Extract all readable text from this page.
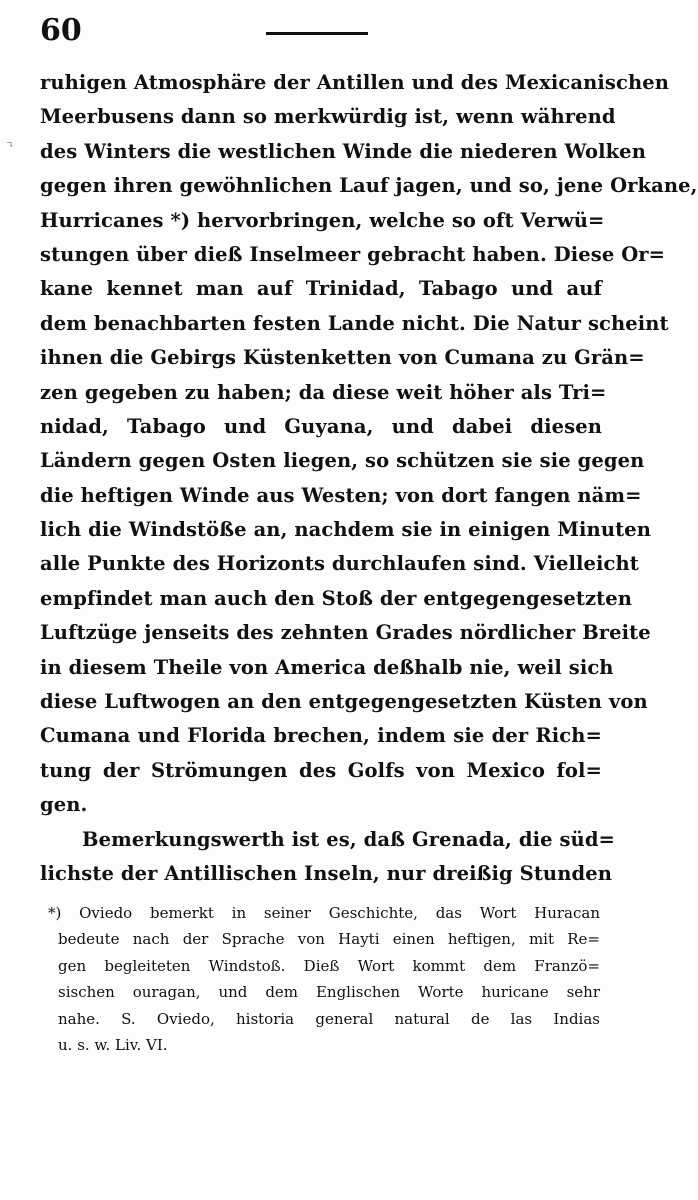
↴
60
ruhigen Atmosphäre der Antillen und des Mexicanischen
Meerbusens dann so merkwürdig ist, wenn während
des Winters die westlichen Winde die niederen Wolken
gegen ihren gewöhnlichen Lauf jagen, und so, jene Orkane,
Hurricanes *) hervorbringen, welche so oft Verwü=
stungen über dieß Inselmeer gebracht haben. Diese Or=
kane kennet man auf Trinidad, Tabago und auf
dem benachbarten festen Lande nicht. Die Natur scheint
ihnen die Gebirgs Küstenketten von Cumana zu Grän=
zen gegeben zu haben; da diese weit höher als Tri=
nidad, Tabago und Guyana, und dabei diesen
Ländern gegen Osten liegen, so schützen sie sie gegen
die heftigen Winde aus Westen; von dort fangen näm=
lich die Windstöße an, nachdem sie in einigen Minuten
alle Punkte des Horizonts durchlaufen sind. Vielleicht
empfindet man auch den Stoß der entgegengesetzten
Luftzüge jenseits des zehnten Grades nördlicher Breite
in diesem Theile von America deßhalb nie, weil sich
diese Luftwogen an den entgegengesetzten Küsten von
Cumana und Florida brechen, indem sie der Rich=
tung der Strömungen des Golfs von Mexico fol=
gen.
Bemerkungswerth ist es, daß Grenada, die süd=
lichste der Antillischen Inseln, nur dreißig Stunden
*) Oviedo bemerkt in seiner Geschichte, das Wort Huracan
bedeute nach der Sprache von Hayti einen heftigen, mit Re=
gen begleiteten Windstoß. Dieß Wort kommt dem Franzö=
sischen ouragan, und dem Englischen Worte huricane sehr
nahe. S. Oviedo, historia general natural de las Indias
u. s. w. Liv. VI.
